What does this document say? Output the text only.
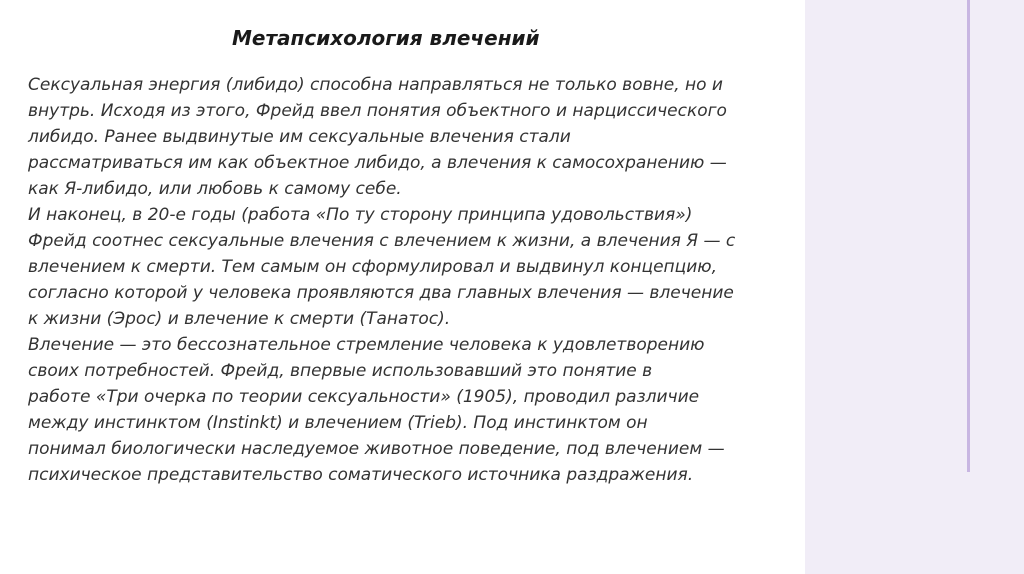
Метапсихология влечений

Сексуальная энергия (либидо) способна направляться не только вовне, но и
внутрь. Исходя из этого, Фрейд ввел понятия объектного и нарциссического
либидо. Ранее выдвинутые им сексуальные влечения стали
рассматриваться им как объектное либидо, а влечения к самосохранению —
как Я-либидо, или любовь к самому себе.
И наконец, в 20-е годы (работа «По ту сторону принципа удовольствия»)
Фрейд соотнес сексуальные влечения с влечением к жизни, а влечения Я — с
влечением к смерти. Тем самым он сформулировал и выдвинул концепцию,
согласно которой у человека проявляются два главных влечения — влечение
к жизни (Эрос) и влечение к смерти (Танатос).
Влечение — это бессознательное стремление человека к удовлетворению
своих потребностей. Фрейд, впервые использовавший это понятие в
работе «Три очерка по теории сексуальности» (1905), проводил различие
между инстинктом (Instinkt) и влечением (Trieb). Под инстинктом он
понимал биологически наследуемое животное поведение, под влечением —
психическое представительство соматического источника раздражения.
